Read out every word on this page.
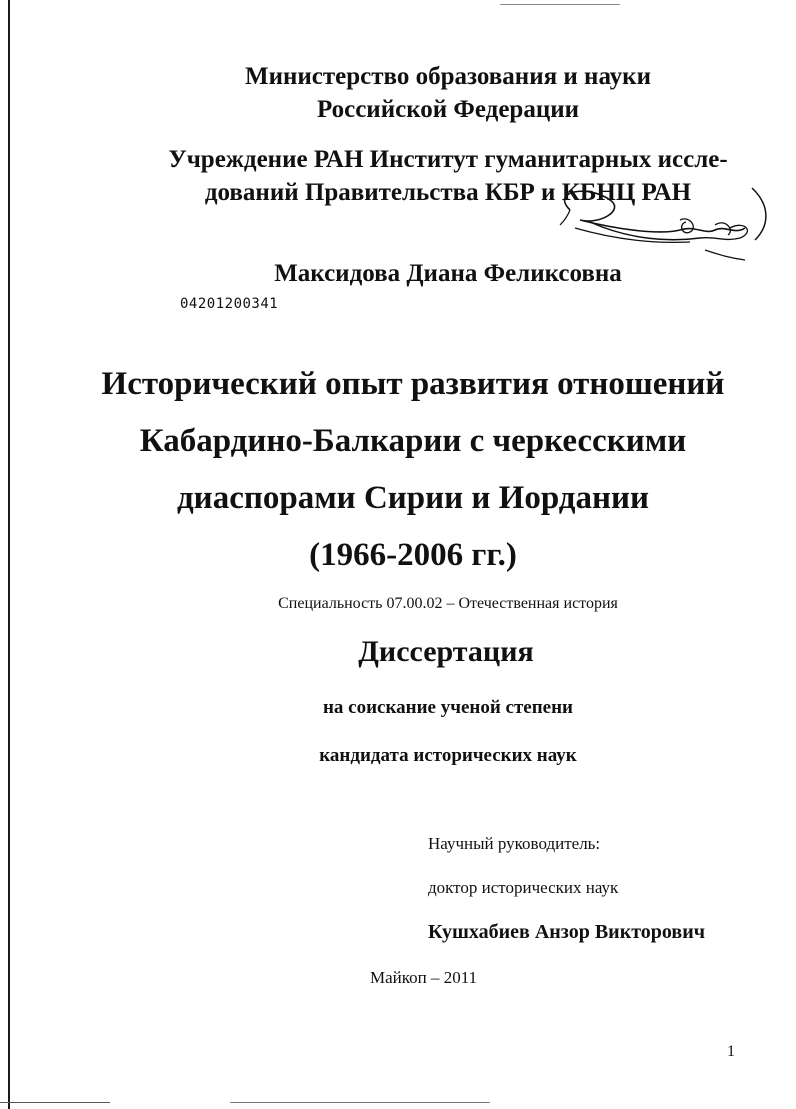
Министерство образования и науки
Российской Федерации
Учреждение РАН Институт гуманитарных иссле-
дований Правительства КБР и КБНЦ РАН
Максидова Диана Феликсовна
04201200341
Исторический опыт развития отношений
Кабардино-Балкарии с черкесскими
диаспорами Сирии и Иордании
(1966-2006 гг.)
Специальность 07.00.02 – Отечественная история
Диссертация
на соискание ученой степени
кандидата исторических наук
Научный руководитель:
доктор исторических наук
Кушхабиев Анзор Викторович
Майкоп – 2011
1
